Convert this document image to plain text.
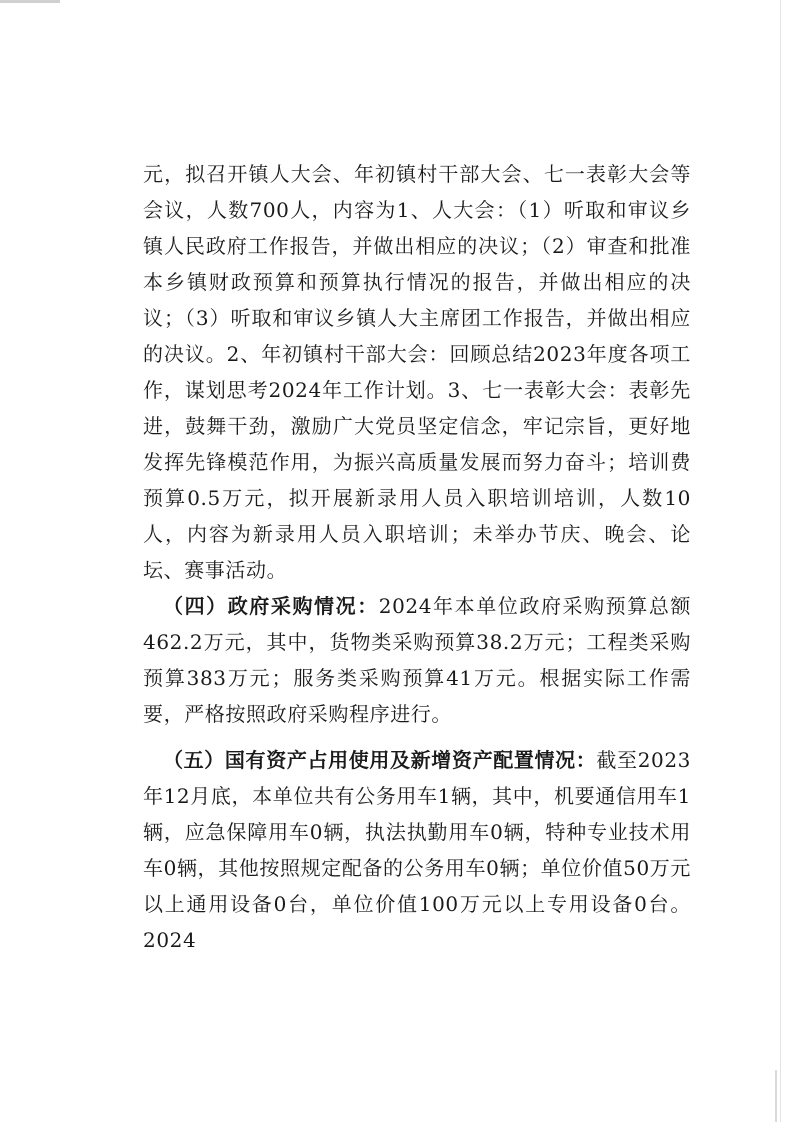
元，拟召开镇人大会、年初镇村干部大会、七一表彰大会等会议，人数700人，内容为1、人大会：（1）听取和审议乡镇人民政府工作报告，并做出相应的决议；（2）审查和批准本乡镇财政预算和预算执行情况的报告，并做出相应的决议；（3）听取和审议乡镇人大主席团工作报告，并做出相应的决议。2、年初镇村干部大会：回顾总结2023年度各项工作，谋划思考2024年工作计划。3、七一表彰大会：表彰先进，鼓舞干劲，激励广大党员坚定信念，牢记宗旨，更好地发挥先锋模范作用，为振兴高质量发展而努力奋斗；培训费预算0.5万元，拟开展新录用人员入职培训培训，人数10人，内容为新录用人员入职培训；未举办节庆、晚会、论坛、赛事活动。

（四）政府采购情况：2024年本单位政府采购预算总额462.2万元，其中，货物类采购预算38.2万元；工程类采购预算383万元；服务类采购预算41万元。根据实际工作需要，严格按照政府采购程序进行。

（五）国有资产占用使用及新增资产配置情况：截至2023年12月底，本单位共有公务用车1辆，其中，机要通信用车1辆，应急保障用车0辆，执法执勤用车0辆，特种专业技术用车0辆，其他按照规定配备的公务用车0辆；单位价值50万元以上通用设备0台，单位价值100万元以上专用设备0台。2024
